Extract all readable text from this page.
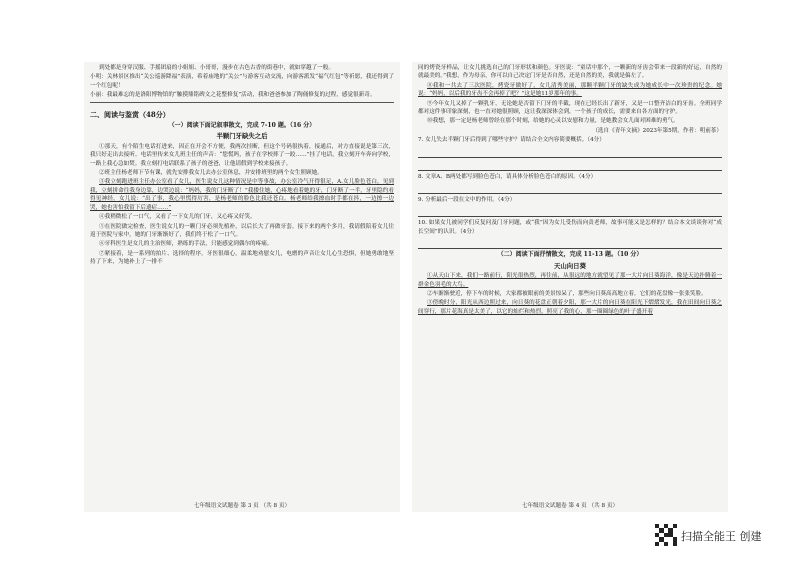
到处都是身穿汉服、手摇团扇的小姐姐、小哥哥，漫步在古色古香的街巷中，就如穿越了一般。

小明：关林景区推出“关公巡游降福”表演，希着庙地的“关公”与游客互动交流，向游客派发“福气红包”等祈愿，我还得到了一个红包呢！

小丽：我最难忘的是洛阳博物馆的“触摸鼎铭碑文之花整修复”活动，我和爸爸参加了陶俑修复的过程，感觉很新奇。

二、阅读与鉴赏（48分）
（一）阅读下面记叙事散文，完成 7-10 题。（16 分）
半颗门牙缺失之后

①那天，有个陌生电话打进来，因正在开会不方便，我两次挂断，但这个号码很执着，接通后，对方直接说是第三次，我只好走出去接听。电话里传来女儿班主任的声音：“您慌吗，孩子在学校摔了一跤……”挂了电话，我立刻开车奔向学校，一路上我心急如焚。我立刻打电话联系了孩子的爸爸，让他请假到学校来接孩子。

②班主任杨老师下节有课，就先安排我女儿去办公室休息，并安排班里的两个女生照顾她。

③我立刻跑进班主任办公室看了女儿，医生说女儿这种情况是中等事故，办公室冷气开得很足，A.女儿脸色苍白，见到我，立刻拼命往我身边靠，边哭边说：“妈妈，我的门牙断了！”我搂住她，心疼地看着她的牙，门牙断了一半，牙里隐约看得见神经。女儿说：“出了事，我心里慌得厉害，是杨老师的脸色比我还苍白。杨老师给我擦血时手都在抖，一边擦一边哭，她也害怕我留下后遗症……”

④我稍微松了一口气，又看了一下女儿的门牙，又心疼又好笑。

⑤在医院做完检查，医生说女儿的一颗门牙必须先植补，以后长大了再做牙套。接下来的两个多月，我请假陪着女儿往返于医院与家中，她的门牙渐渐好了，我们终于松了一口气。

⑥牙科医生是女儿的主治医师，熟练的手法，只能感觉到偶尔的疼痛。

⑦紧接着，是一系列的拍片、选择的程序，牙医很细心，温柔地劝慰女儿，电磨的声音让女儿心生恐惧，但她勇敢地坚持了下来，为她补上了一排不

七年级语文试题卷 第 3 页 （共 8 页）

同的烤瓷牙样品，让女儿挑选自己的门牙形状和颜色。牙医说：“童话中那个，一颗新的牙齿会带来一段新的好运，自然的就最美的。”我想，作为母亲，你可以自己决定门牙是否自然，还是自然的美，我就是偏左了。

⑧我和一共去了三次医院，烤瓷牙做好了，女儿清秀美丽，那颗半颗门牙的缺失成为她成长中一次珍贵的纪念。她说：“妈妈，以后我的牙齿不会再掉了吧？”这是她11岁那年的事。

⑨今年女儿又掉了一颗乳牙，无论她是否留下门牙的半截，现在已经长出了新牙，又是一口整齐洁白的牙齿。全班同学都对这件事印象深刻，也一直对她很照顾，这让我深深体会到，一个孩子的成长，需要来自各方面的守护。

⑩我想，那一定是杨老师曾经在那个时刻，给她的心灵以安慰和力量，是她教会女儿面对困难的勇气。

（选自《青年文摘》2023年第5期，作者：明前茶）

7. 女儿失去半颗门牙后得到了哪些守护？请结合全文内容简要概括。（4分）

8. 文章A、B两处都写到脸色苍白，请具体分析脸色苍白的原因。（4分）

9. 分析最后一段在文中的作用。（4分）

10. 如果女儿被同学们反复问及门牙问题，或“我”因为女儿受伤而向责老师，故事可能又是怎样的？结合本文谈谈你对“成长空间”的认识。（4分）

（二）阅读下面抒情散文，完成 11-13 题。（10 分）
天山向日葵

①从天山下来，我们一路前行，阳光很热烈，再往前，从很远的地方就望见了那一大片向日葵海洋，像是天边扑腾着一群金色羽毛的大鸟。

②车渐渐驶近，停下车的时候，大家都被眼前的美景惊呆了，那些向日葵高高地立着，它们的花盘像一张张笑脸。

③傍晚时分，阳光从西边照过来，向日葵的花盘正朝着夕阳，那一大片的向日葵在阳光下熠熠发光，我在田间向日葵之间穿行，那片花海真是太美了，以它的灿烂和热烈，照亮了我的心，那一圈圈绿色的叶子盛开着

七年级语文试题卷 第 4 页 （共 8 页）
扫描全能王 创建
